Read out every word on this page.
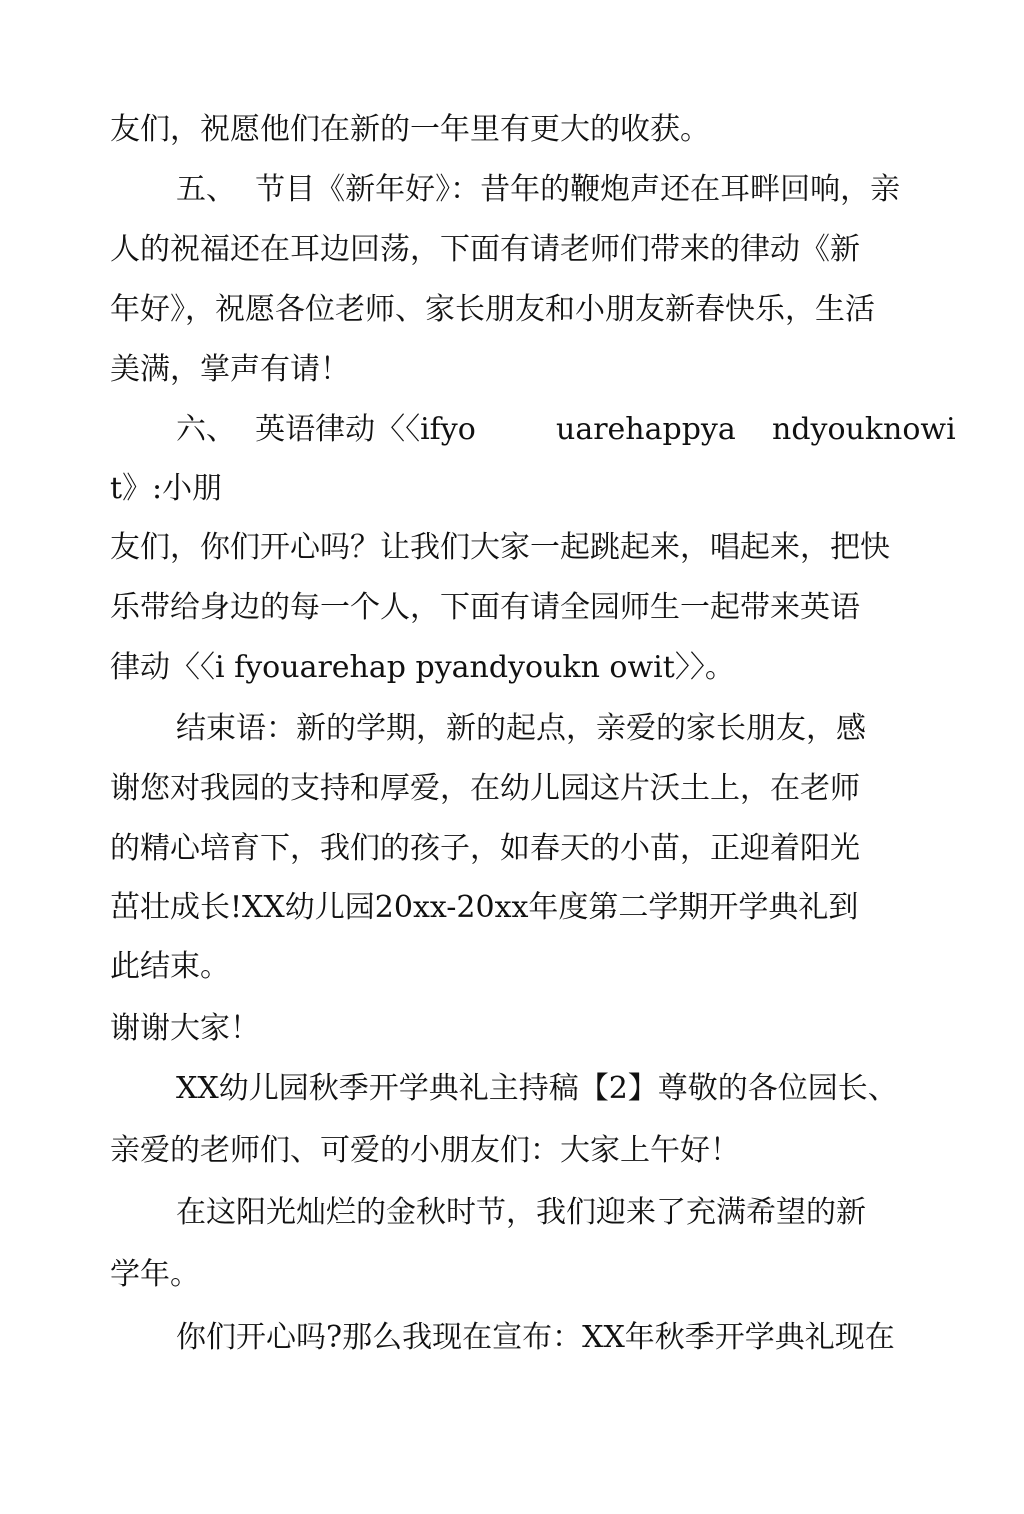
友们，祝愿他们在新的一年里有更大的收获。
五、  节目《新年好》：昔年的鞭炮声还在耳畔回响，亲
人的祝福还在耳边回荡，下面有请老师们带来的律动《新
年好》，祝愿各位老师、家长朋友和小朋友新春快乐，生活
美满，掌声有请！
六、  英语律动〈〈ifyo	uarehappya ndyouknowi
t》:小朋
友们，你们开心吗？让我们大家一起跳起来，唱起来，把快
乐带给身边的每一个人，下面有请全园师生一起带来英语
律动〈〈i fyouarehap pyandyoukn owit〉〉。
结束语：新的学期，新的起点，亲爱的家长朋友，感
谢您对我园的支持和厚爱，在幼儿园这片沃土上，在老师
的精心培育下，我们的孩子，如春天的小苗，正迎着阳光
茁壮成长!XX幼儿园20xx-20xx年度第二学期开学典礼到
此结束。
谢谢大家！
XX幼儿园秋季开学典礼主持稿【2】尊敬的各位园长、
亲爱的老师们、可爱的小朋友们：大家上午好！
在这阳光灿烂的金秋时节，我们迎来了充满希望的新
学年。
你们开心吗?那么我现在宣布：XX年秋季开学典礼现在
